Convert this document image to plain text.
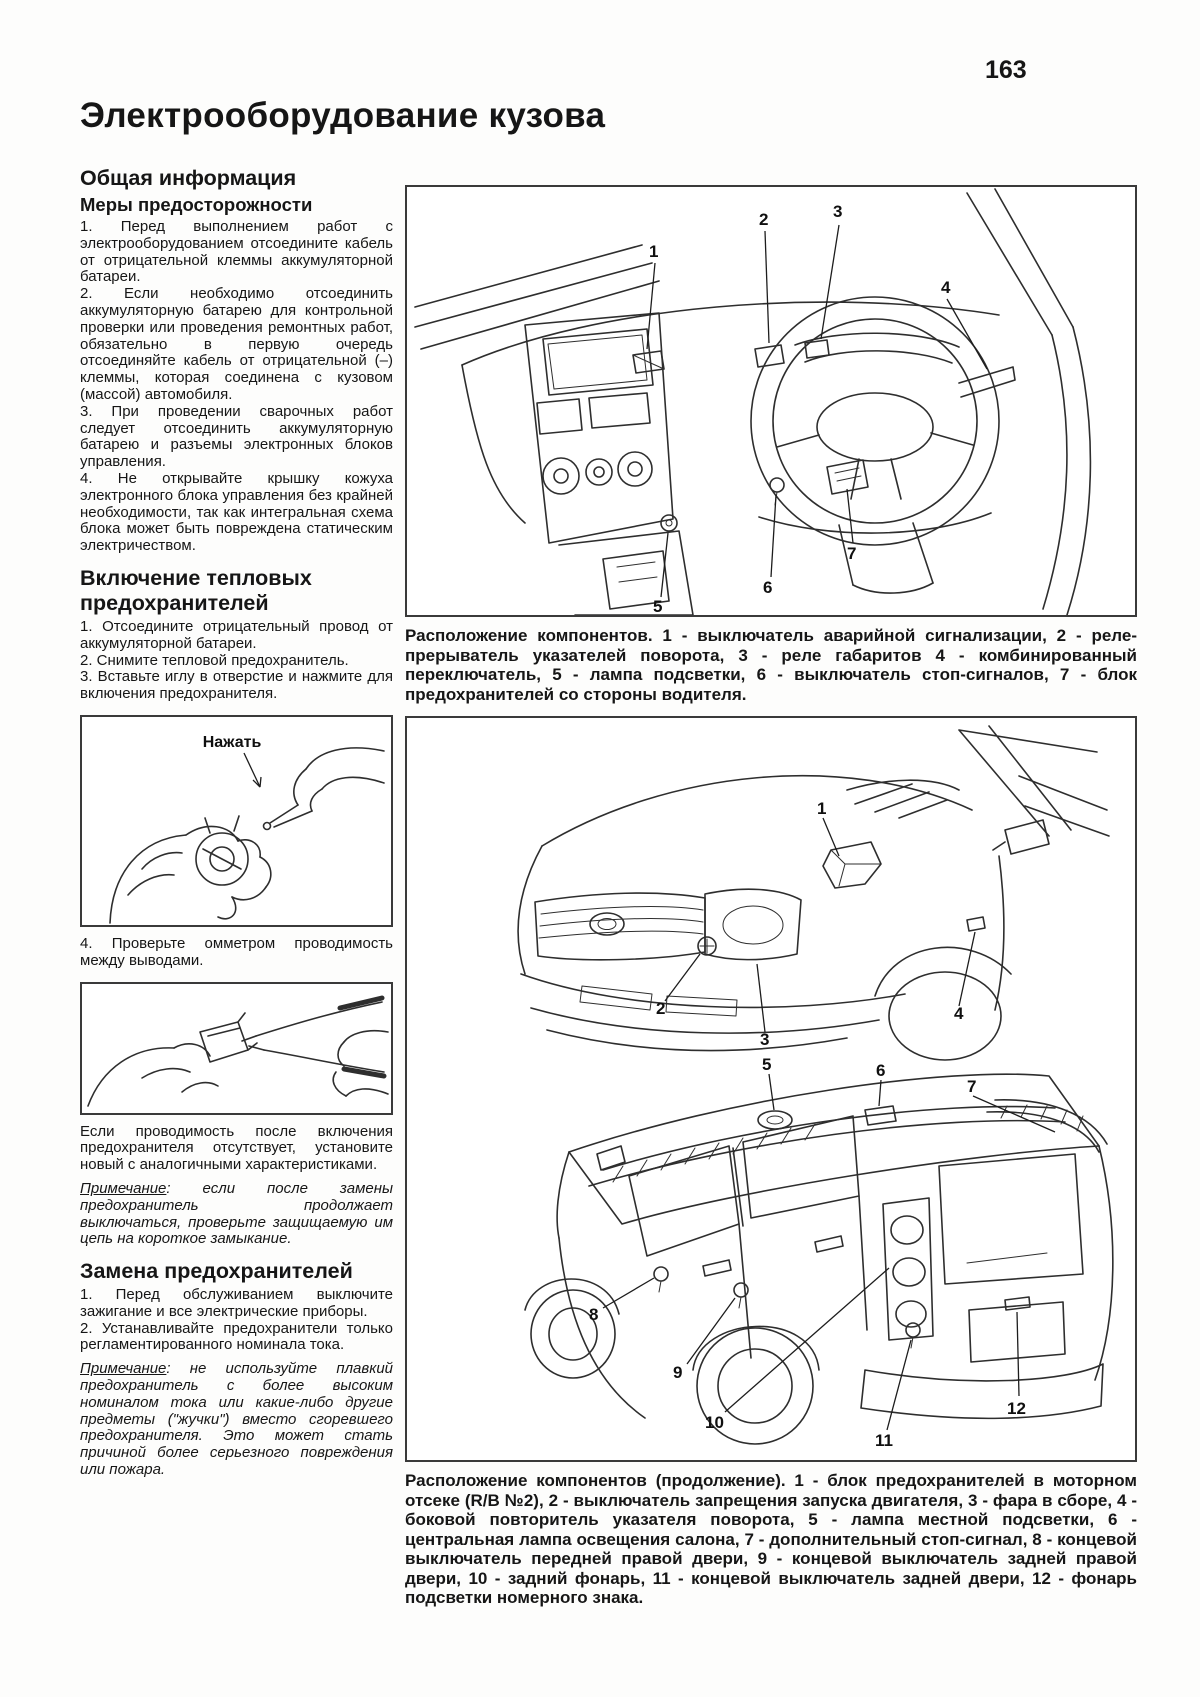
163
Электрооборудование кузова
Общая информация
Меры предосторожности

1. Перед выполнением работ с электрооборудованием отсоедините кабель от отрицательной клеммы аккумуляторной батареи.

2. Если необходимо отсоединить аккумуляторную батарею для контрольной проверки или проведения ремонтных работ, обязательно в первую очередь отсоединяйте кабель от отрицательной (–) клеммы, которая соединена с кузовом (массой) автомобиля.

3. При проведении сварочных работ следует отсоединить аккумуляторную батарею и разъемы электронных блоков управления.

4. Не открывайте крышку кожуха электронного блока управления без крайней необходимости, так как интегральная схема блока может быть повреждена статическим электричеством.

Включение тепловых предохранителей

1. Отсоедините отрицательный провод от аккумуляторной батареи.

2. Снимите тепловой предохранитель.

3. Вставьте иглу в отверстие и нажмите для включения предохранителя.

Нажать

4. Проверьте омметром проводимость между выводами.

Если проводимость после включения предохранителя отсутствует, установите новый с аналогичными характеристиками.

Примечание: если после замены предохранитель продолжает выключаться, проверьте защищаемую им цепь на короткое замыкание.

Замена предохранителей

1. Перед обслуживанием выключите зажигание и все электрические приборы.

2. Устанавливайте предохранители только регламентированного номинала тока.

Примечание: не используйте плавкий предохранитель с более высоким номиналом тока или какие-либо другие предметы ("жучки") вместо сгоревшего предохранителя. Это может стать причиной более серьезного повреждения или пожара.

1
2	3
4
5
6
7

Расположение компонентов. 1 - выключатель аварийной сигнализации, 2 - реле-прерыватель указателей поворота, 3 - реле габаритов 4 - комбинированный переключатель, 5 - лампа подсветки, 6 - выключатель стоп-сигналов, 7 - блок предохранителей со стороны водителя.

1
2
3
4
5	6
7
8
9
10
11
12

Расположение компонентов (продолжение). 1 - блок предохранителей в моторном отсеке (R/B №2), 2 - выключатель запрещения запуска двигателя, 3 - фара в сборе, 4 - боковой повторитель указателя поворота, 5 - лампа местной подсветки, 6 - центральная лампа освещения салона, 7 - дополнительный стоп-сигнал, 8 - концевой выключатель передней правой двери, 9 - концевой выключатель задней правой двери, 10 - задний фонарь, 11 - концевой выключатель задней двери, 12 - фонарь подсветки номерного знака.
